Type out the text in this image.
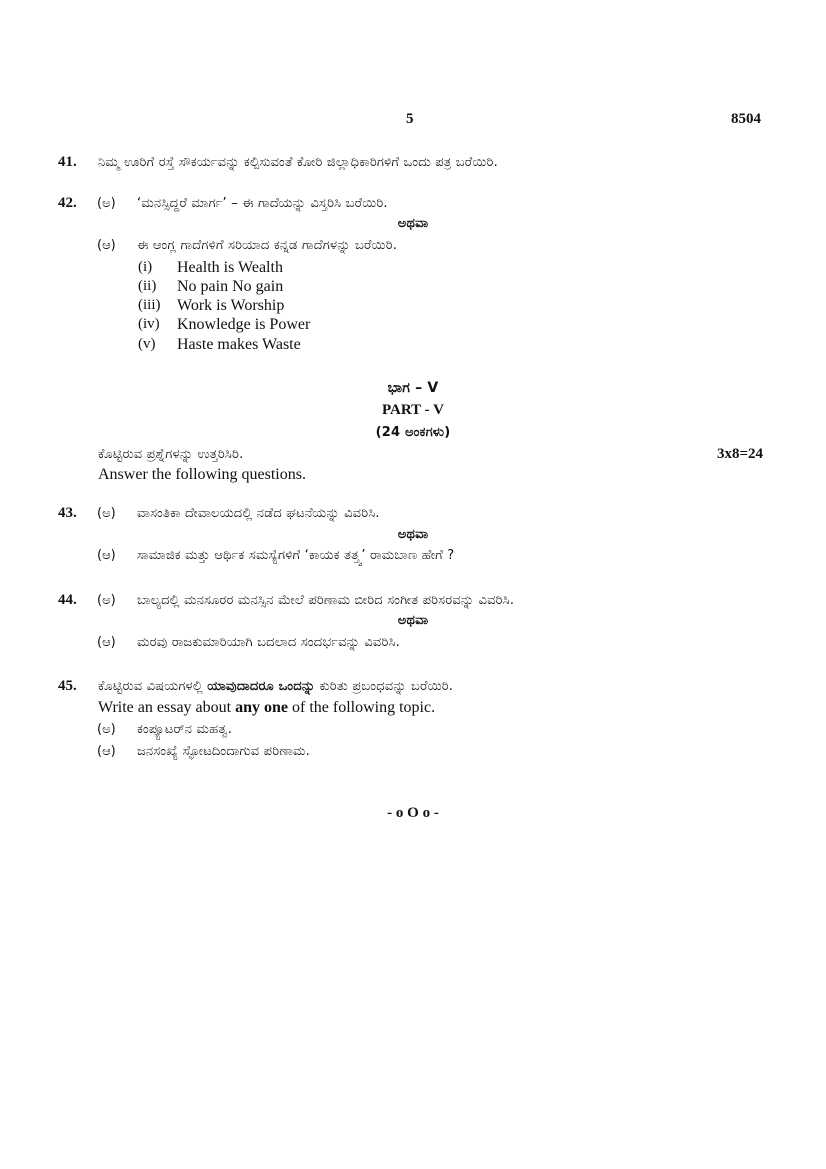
5	8504
41. ನಿಮ್ಮ ಊರಿಗೆ ರಸ್ತೆ ಸೌಕರ್ಯವನ್ನು ಕಲ್ಪಿಸುವಂತೆ ಕೋರಿ ಜಿಲ್ಲಾಧಿಕಾರಿಗಳಿಗೆ ಒಂದು ಪತ್ರ ಬರೆಯಿರಿ.
42. (ಅ) ‘ಮನಸ್ಸಿದ್ದರೆ ಮಾರ್ಗ’ – ಈ ಗಾದೆಯನ್ನು ವಿಸ್ತರಿಸಿ ಬರೆಯಿರಿ.
ಅಥವಾ
(ಆ) ಈ ಆಂಗ್ಲ ಗಾದೆಗಳಿಗೆ ಸರಿಯಾದ ಕನ್ನಡ ಗಾದೆಗಳನ್ನು ಬರೆಯಿರಿ.
(i) Health is Wealth
(ii) No pain No gain
(iii) Work is Worship
(iv) Knowledge is Power
(v) Haste makes Waste
ಭಾಗ – V
PART - V
(24 ಅಂಕಗಳು)
ಕೊಟ್ಟಿರುವ ಪ್ರಶ್ನೆಗಳನ್ನು ಉತ್ತರಿಸಿರಿ.	3x8=24
Answer the following questions.
43. (ಅ) ವಾಸಂತಿಕಾ ದೇವಾಲಯದಲ್ಲಿ ನಡೆದ ಘಟನೆಯನ್ನು ವಿವರಿಸಿ.
ಅಥವಾ
(ಆ) ಸಾಮಾಜಿಕ ಮತ್ತು ಆರ್ಥಿಕ ಸಮಸ್ಯೆಗಳಿಗೆ ‘ಕಾಯಕ ತತ್ತ್ವ’ ರಾಮಬಾಣ ಹೇಗೆ ?
44. (ಅ) ಬಾಲ್ಯದಲ್ಲಿ ಮನಸೂರರ ಮನಸ್ಸಿನ ಮೇಲೆ ಪರಿಣಾಮ ಬೀರಿದ ಸಂಗೀತ ಪರಿಸರವನ್ನು ವಿವರಿಸಿ.
ಅಥವಾ
(ಆ) ಮರವು ರಾಜಕುಮಾರಿಯಾಗಿ ಬದಲಾದ ಸಂದರ್ಭವನ್ನು ವಿವರಿಸಿ.
45. ಕೊಟ್ಟಿರುವ ವಿಷಯಗಳಲ್ಲಿ ಯಾವುದಾದರೂ ಒಂದನ್ನು ಕುರಿತು ಪ್ರಬಂಧವನ್ನು ಬರೆಯಿರಿ.
Write an essay about any one of the following topic.
(ಅ) ಕಂಪ್ಯೂಟರ್‌ನ ಮಹತ್ವ.
(ಆ) ಜನಸಂಖ್ಯೆ ಸ್ಫೋಟದಿಂದಾಗುವ ಪರಿಣಾಮ.
- o O o -
